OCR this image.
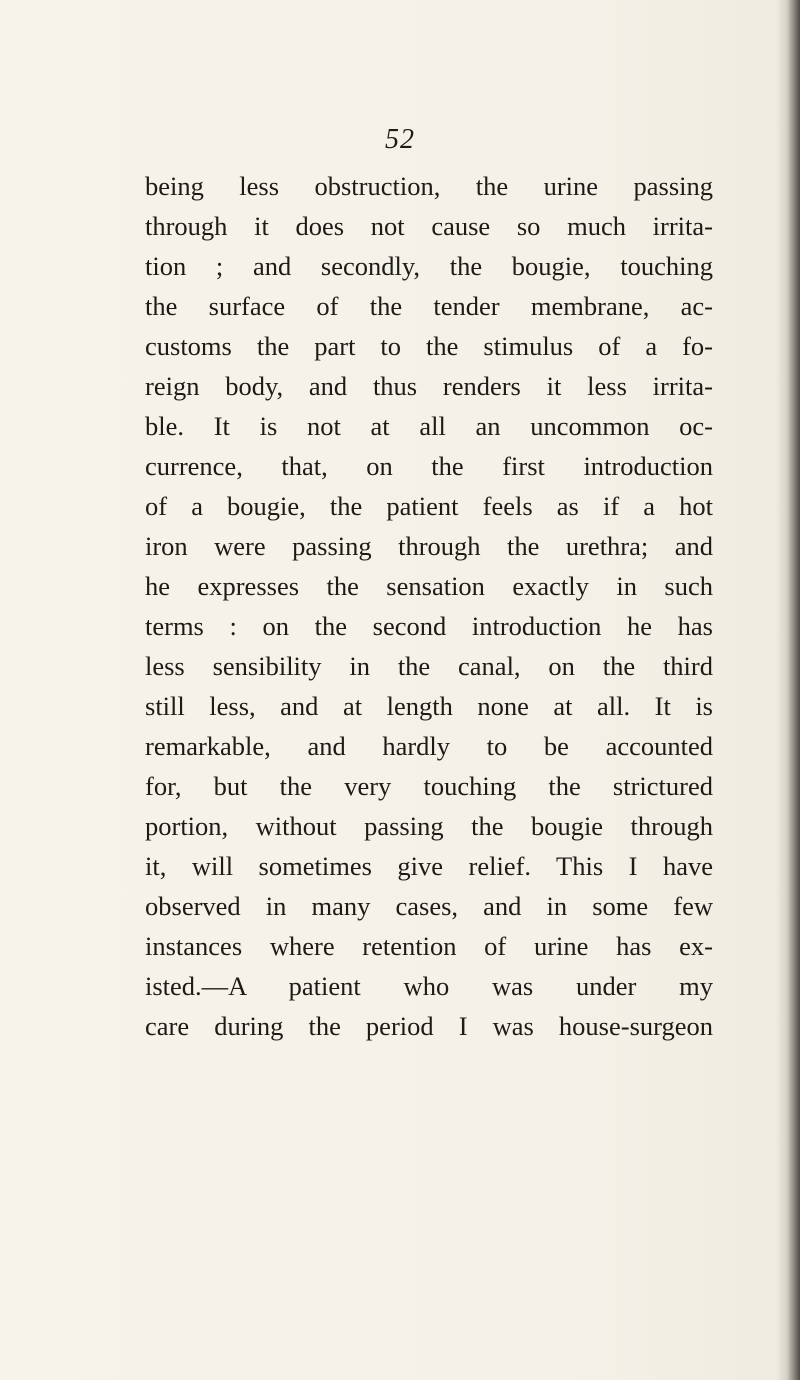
52
being less obstruction, the urine passing
through it does not cause so much irrita-
tion ; and secondly, the bougie, touching
the surface of the tender membrane, ac-
customs the part to the stimulus of a fo-
reign body, and thus renders it less irrita-
ble. It is not at all an uncommon oc-
currence, that, on the first introduction
of a bougie, the patient feels as if a hot
iron were passing through the urethra; and
he expresses the sensation exactly in such
terms : on the second introduction he has
less sensibility in the canal, on the third
still less, and at length none at all. It is
remarkable, and hardly to be accounted
for, but the very touching the strictured
portion, without passing the bougie through
it, will sometimes give relief. This I have
observed in many cases, and in some few
instances where retention of urine has ex-
isted.—A patient who was under my
care during the period I was house-surgeon
